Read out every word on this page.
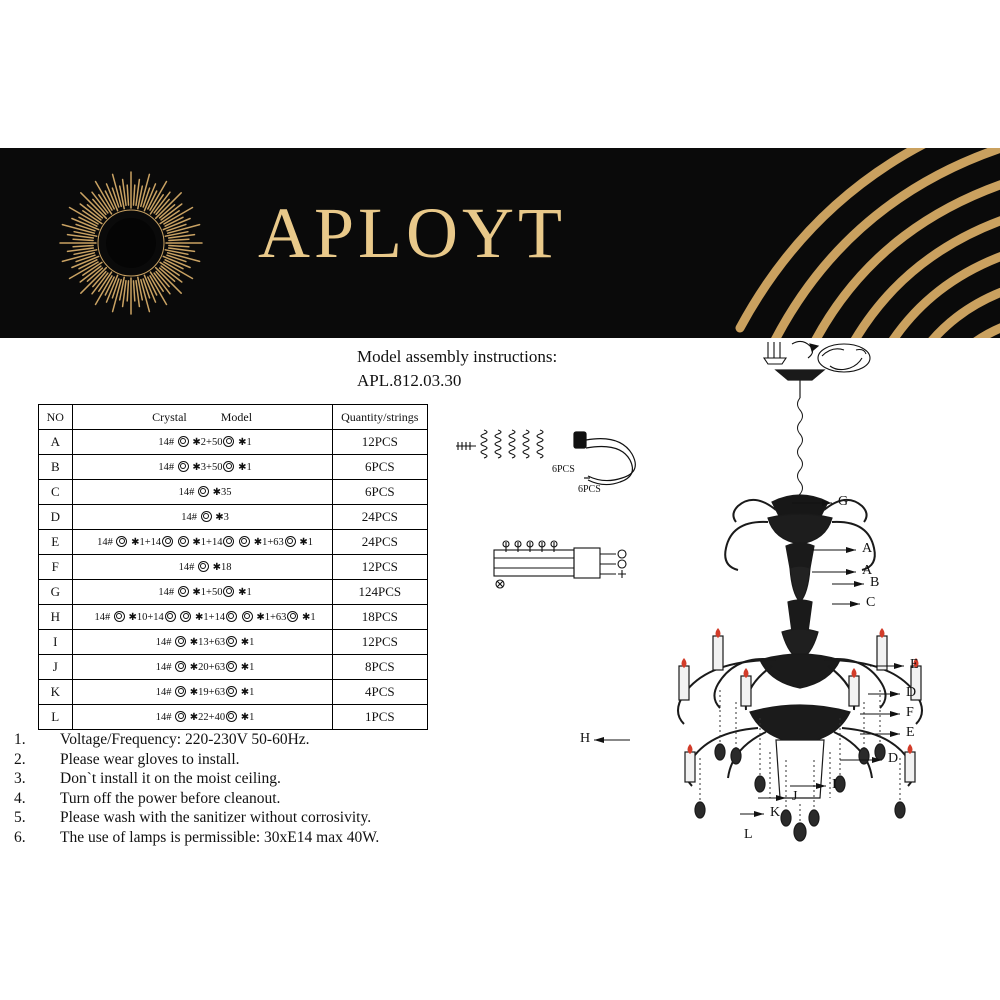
APLOYT
Model assembly instructions:
APL.812.03.30
NO	Crystal Model	Quantity/strings
A	14#  ✱2+50 ✱1	12PCS
B	14#  ✱3+50 ✱1	6PCS
C	14#  ✱35	6PCS
D	14#  ✱3	24PCS
E	14#  ✱1+14 ✱1+14 ✱1+63 ✱1	24PCS
F	14#  ✱18	12PCS
G	14#  ✱1+50 ✱1	124PCS
H	14#  ✱10+14 ✱1+14 ✱1+63 ✱1	18PCS
I	14#  ✱13+63 ✱1	12PCS
J	14#  ✱20+63 ✱1	8PCS
K	14#  ✱19+63 ✱1	4PCS
L	14#  ✱22+40 ✱1	1PCS
1.	Voltage/Frequency: 220-230V 50-60Hz.
2.	Please wear gloves to install.
3.	Don`t install it on the moist ceiling.
4.	Turn off the power before cleanout.
5.	Please wash with the sanitizer without corrosivity.
6.	The use of lamps is permissible: 30xE14 max 40W.
6PCS
6PCS
G
A
A
B
C
E
D
F
E
D
I
J
K
L
H
